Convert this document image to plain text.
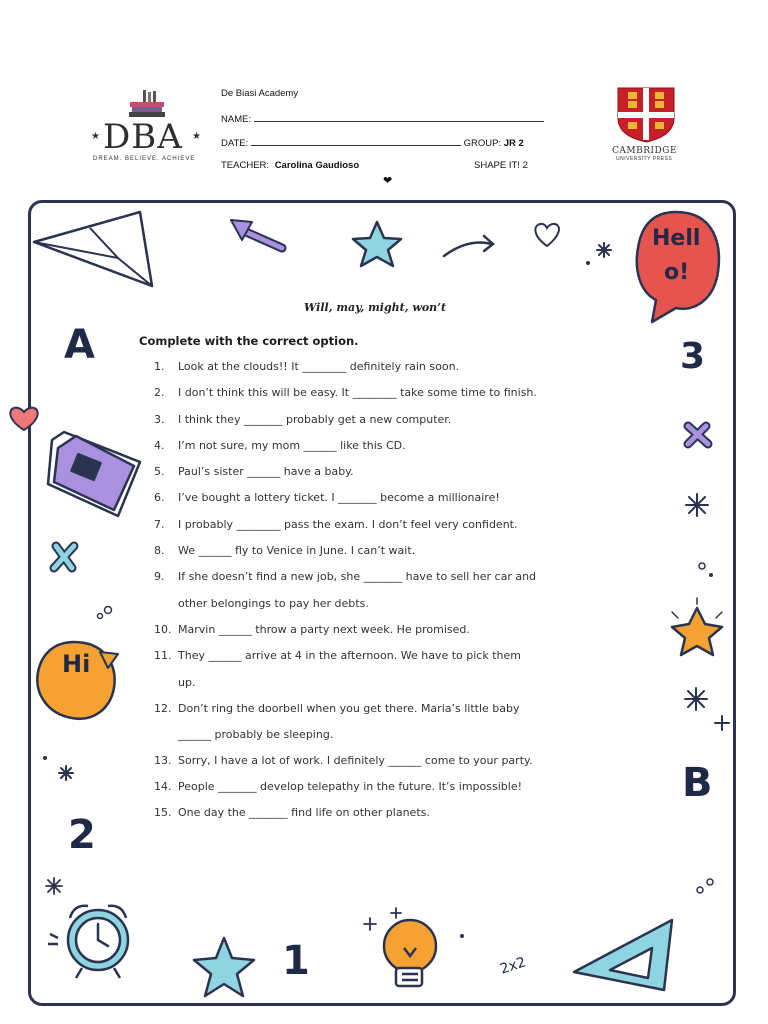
DBA
★	★
DREAM. BELIEVE. ACHIEVE
De Biasi Academy
NAME:
DATE:	GROUP: JR 2
TEACHER: Carolina Gaudioso	SHAPE IT! 2
❤
CAMBRIDGE
UNIVERSITY PRESS
Hell
o!
Hi
A	3
B
2
1	2x2
Will, may, might, won’t
Complete with the correct option.
1.	Look at the clouds!! It ________ definitely rain soon.
2.	I don’t think this will be easy. It ________ take some time to finish.
3.	I think they _______ probably get a new computer.
4.	I’m not sure, my mom ______ like this CD.
5.	Paul’s sister ______ have a baby.
6.	I’ve bought a lottery ticket. I _______ become a millionaire!
7.	I probably ________ pass the exam. I don’t feel very confident.
8.	We ______ fly to Venice in June. I can’t wait.
9.	If she doesn’t find a new job, she _______ have to sell her car and
other belongings to pay her debts.
10. Marvin ______ throw a party next week. He promised.
11. They ______ arrive at 4 in the afternoon. We have to pick them
up.
12. Don’t ring the doorbell when you get there. Maria’s little baby
______ probably be sleeping.
13. Sorry, I have a lot of work. I definitely ______ come to your party.
14. People _______ develop telepathy in the future. It’s impossible!
15. One day the _______ find life on other planets.
